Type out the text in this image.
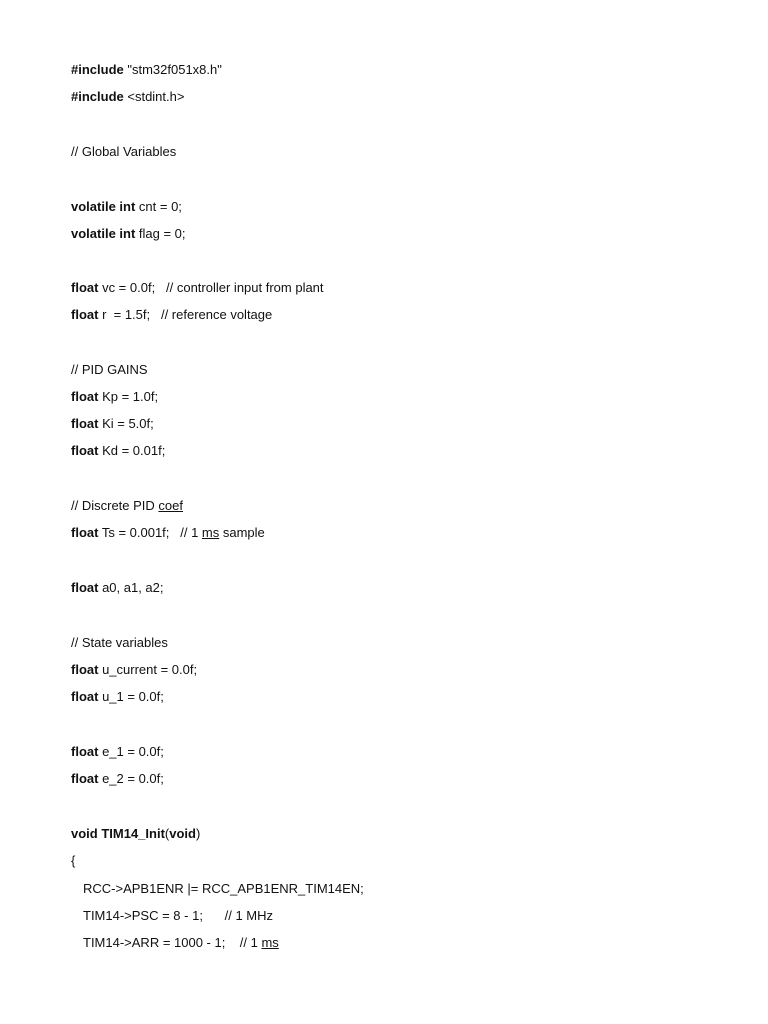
#include "stm32f051x8.h"
#include <stdint.h>
// Global Variables
volatile int cnt = 0;
volatile int flag = 0;
float vc = 0.0f;   // controller input from plant
float r  = 1.5f;   // reference voltage
// PID GAINS
float Kp = 1.0f;
float Ki = 5.0f;
float Kd = 0.01f;
// Discrete PID coef
float Ts = 0.001f;   // 1 ms sample
float a0, a1, a2;
// State variables
float u_current = 0.0f;
float u_1 = 0.0f;
float e_1 = 0.0f;
float e_2 = 0.0f;
void TIM14_Init(void)
{
RCC->APB1ENR |= RCC_APB1ENR_TIM14EN;
TIM14->PSC = 8 - 1;      // 1 MHz
TIM14->ARR = 1000 - 1;    // 1 ms
